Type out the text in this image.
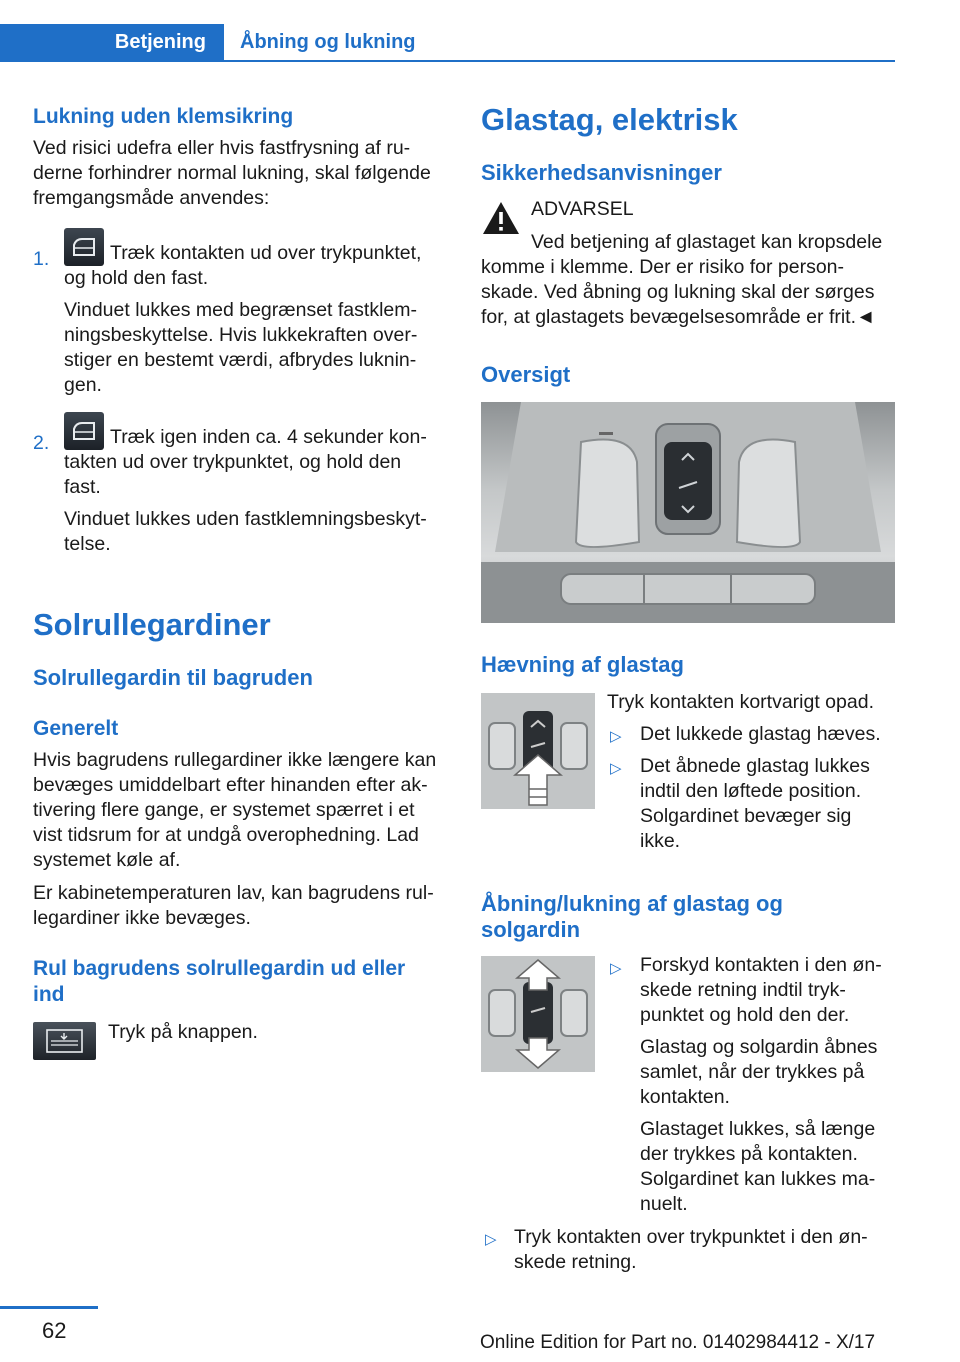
Betjening	Åbning og lukning
Lukning uden klemsikring
Ved risici udefra eller hvis fastfrysning af ru-
derne forhindrer normal lukning, skal følgende
fremgangsmåde anvendes:
1.	Træk kontakten ud over trykpunktet,
og hold den fast.
Vinduet lukkes med begrænset fastklem-
ningsbeskyttelse. Hvis lukkekraften over-
stiger en bestemt værdi, afbrydes luknin-
gen.
2.	Træk igen inden ca. 4 sekunder kon-
takten ud over trykpunktet, og hold den
fast.
Vinduet lukkes uden fastklemningsbeskyt-
telse.
Solrullegardiner
Solrullegardin til bagruden
Generelt
Hvis bagrudens rullegardiner ikke længere kan
bevæges umiddelbart efter hinanden efter ak-
tivering flere gange, er systemet spærret i et
vist tidsrum for at undgå overophedning. Lad
systemet køle af.
Er kabinetemperaturen lav, kan bagrudens rul-
legardiner ikke bevæges.
Rul bagrudens solrullegardin ud eller
ind
Tryk på knappen.
Glastag, elektrisk
Sikkerhedsanvisninger
ADVARSEL
Ved betjening af glastaget kan kropsdele
komme i klemme. Der er risiko for person-
skade. Ved åbning og lukning skal der sørges
for, at glastagets bevægelsesområde er frit.◄
Oversigt
Hævning af glastag
Tryk kontakten kortvarigt opad.
▷ Det lukkede glastag hæves.
▷ Det åbnede glastag lukkes
indtil den løftede position.
Solgardinet bevæger sig
ikke.
Åbning/lukning af glastag og
solgardin
▷ Forskyd kontakten i den øn-
skede retning indtil tryk-
punktet og hold den der.
Glastag og solgardin åbnes
samlet, når der trykkes på
kontakten.
Glastaget lukkes, så længe
der trykkes på kontakten.
Solgardinet kan lukkes ma-
nuelt.
▷ Tryk kontakten over trykpunktet i den øn-
skede retning.
62	Online Edition for Part no. 01402984412 - X/17
